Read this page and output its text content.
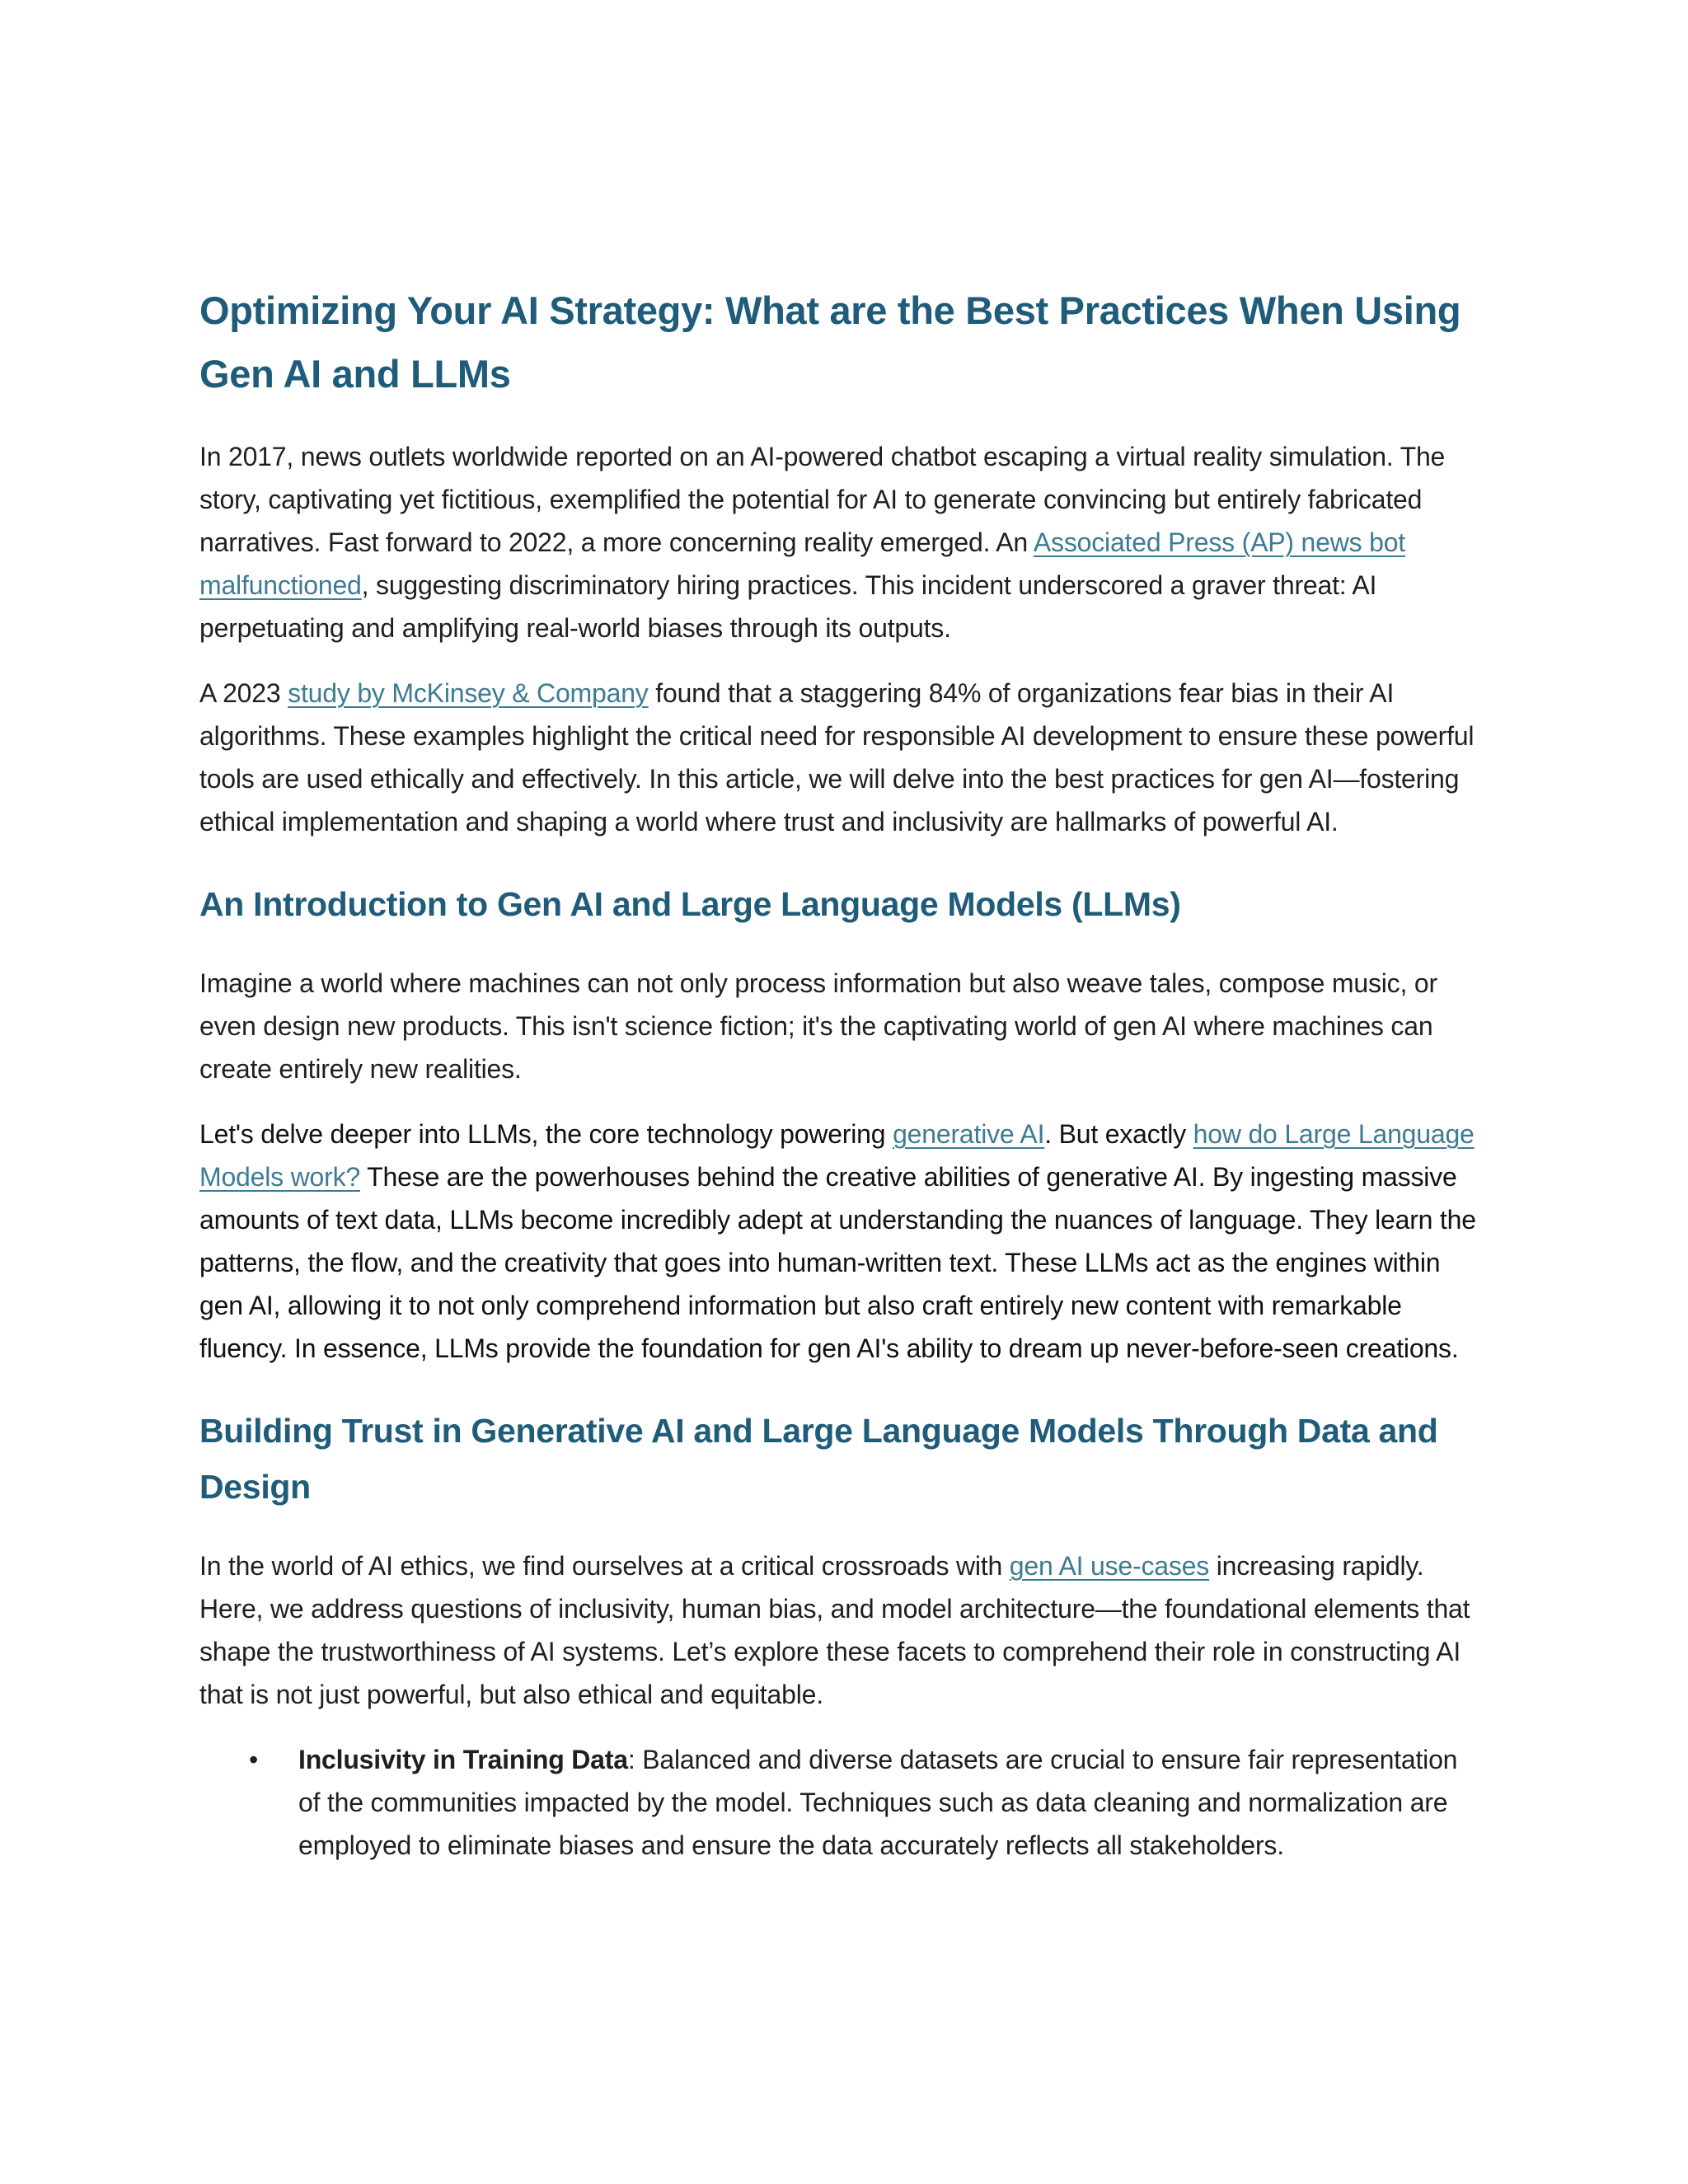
Optimizing Your AI Strategy: What are the Best Practices When Using Gen AI and LLMs

In 2017, news outlets worldwide reported on an AI-powered chatbot escaping a virtual reality simulation. The story, captivating yet fictitious, exemplified the potential for AI to generate convincing but entirely fabricated narratives. Fast forward to 2022, a more concerning reality emerged. An Associated Press (AP) news bot malfunctioned, suggesting discriminatory hiring practices. This incident underscored a graver threat: AI perpetuating and amplifying real-world biases through its outputs.

A 2023 study by McKinsey & Company found that a staggering 84% of organizations fear bias in their AI algorithms. These examples highlight the critical need for responsible AI development to ensure these powerful tools are used ethically and effectively. In this article, we will delve into the best practices for gen AI—fostering ethical implementation and shaping a world where trust and inclusivity are hallmarks of powerful AI.

An Introduction to Gen AI and Large Language Models (LLMs)

Imagine a world where machines can not only process information but also weave tales, compose music, or even design new products. This isn't science fiction; it's the captivating world of gen AI where machines can create entirely new realities.

Let's delve deeper into LLMs, the core technology powering generative AI. But exactly how do Large Language Models work? These are the powerhouses behind the creative abilities of generative AI. By ingesting massive amounts of text data, LLMs become incredibly adept at understanding the nuances of language. They learn the patterns, the flow, and the creativity that goes into human-written text. These LLMs act as the engines within gen AI, allowing it to not only comprehend information but also craft entirely new content with remarkable fluency. In essence, LLMs provide the foundation for gen AI's ability to dream up never-before-seen creations.

Building Trust in Generative AI and Large Language Models Through Data and Design

In the world of AI ethics, we find ourselves at a critical crossroads with gen AI use-cases increasing rapidly. Here, we address questions of inclusivity, human bias, and model architecture—the foundational elements that shape the trustworthiness of AI systems. Let’s explore these facets to comprehend their role in constructing AI that is not just powerful, but also ethical and equitable.

• Inclusivity in Training Data: Balanced and diverse datasets are crucial to ensure fair representation of the communities impacted by the model. Techniques such as data cleaning and normalization are employed to eliminate biases and ensure the data accurately reflects all stakeholders.
